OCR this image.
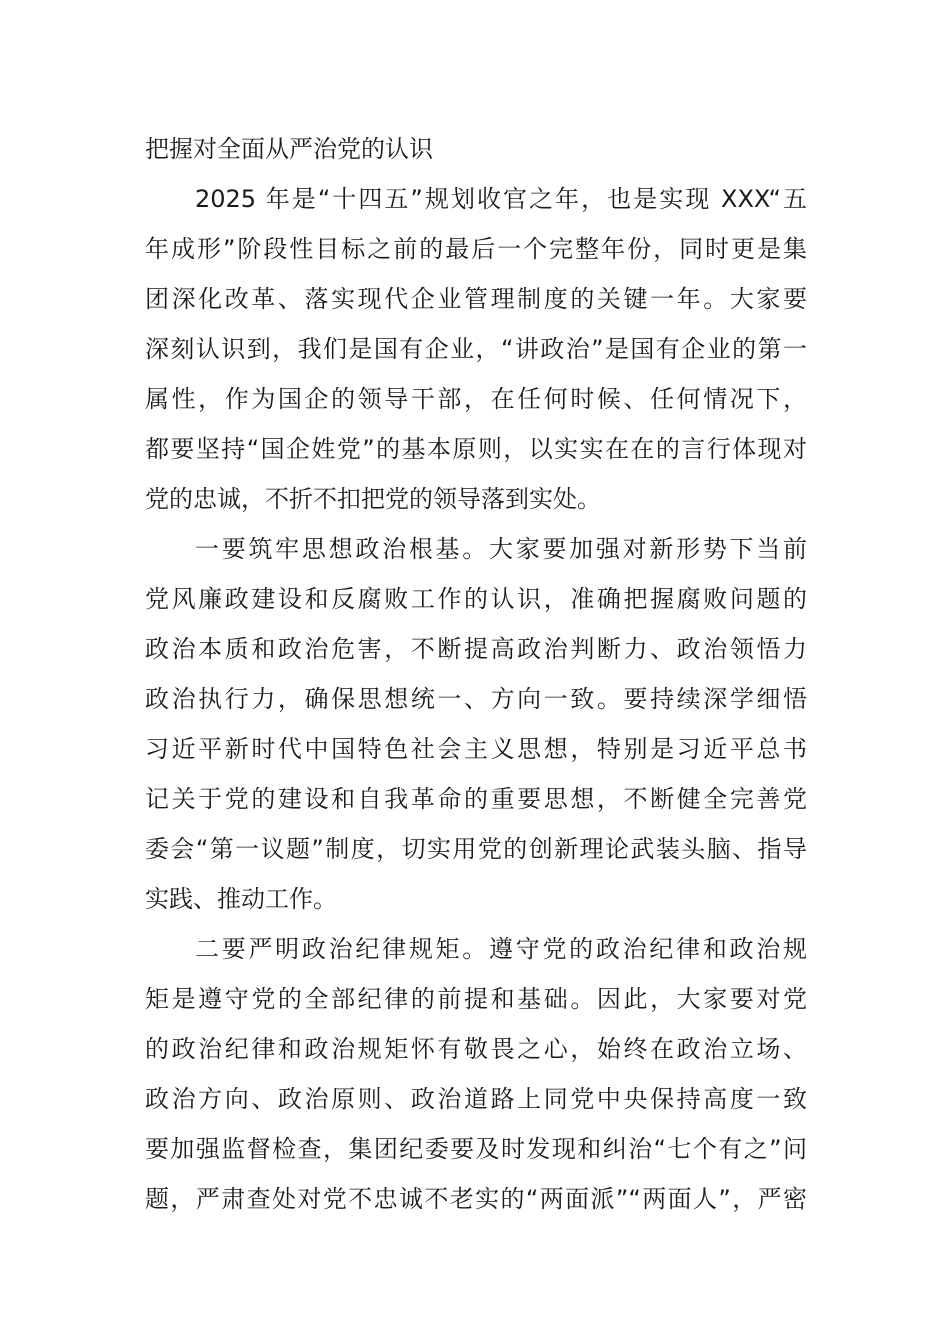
把握对全面从严治党的认识
2025 年是“十四五”规划收官之年，也是实现 XXX“五
年成形”阶段性目标之前的最后一个完整年份，同时更是集
团深化改革、落实现代企业管理制度的关键一年。大家要
深刻认识到，我们是国有企业，“讲政治”是国有企业的第一
属性，作为国企的领导干部，在任何时候、任何情况下，
都要坚持“国企姓党”的基本原则，以实实在在的言行体现对
党的忠诚，不折不扣把党的领导落到实处。
一要筑牢思想政治根基。大家要加强对新形势下当前
党风廉政建设和反腐败工作的认识，准确把握腐败问题的
政治本质和政治危害，不断提高政治判断力、政治领悟力
政治执行力，确保思想统一、方向一致。要持续深学细悟
习近平新时代中国特色社会主义思想，特别是习近平总书
记关于党的建设和自我革命的重要思想，不断健全完善党
委会“第一议题”制度，切实用党的创新理论武装头脑、指导
实践、推动工作。
二要严明政治纪律规矩。遵守党的政治纪律和政治规
矩是遵守党的全部纪律的前提和基础。因此，大家要对党
的政治纪律和政治规矩怀有敬畏之心，始终在政治立场、
政治方向、政治原则、政治道路上同党中央保持高度一致
要加强监督检查，集团纪委要及时发现和纠治“七个有之”问
题，严肃查处对党不忠诚不老实的“两面派”“两面人”，严密
